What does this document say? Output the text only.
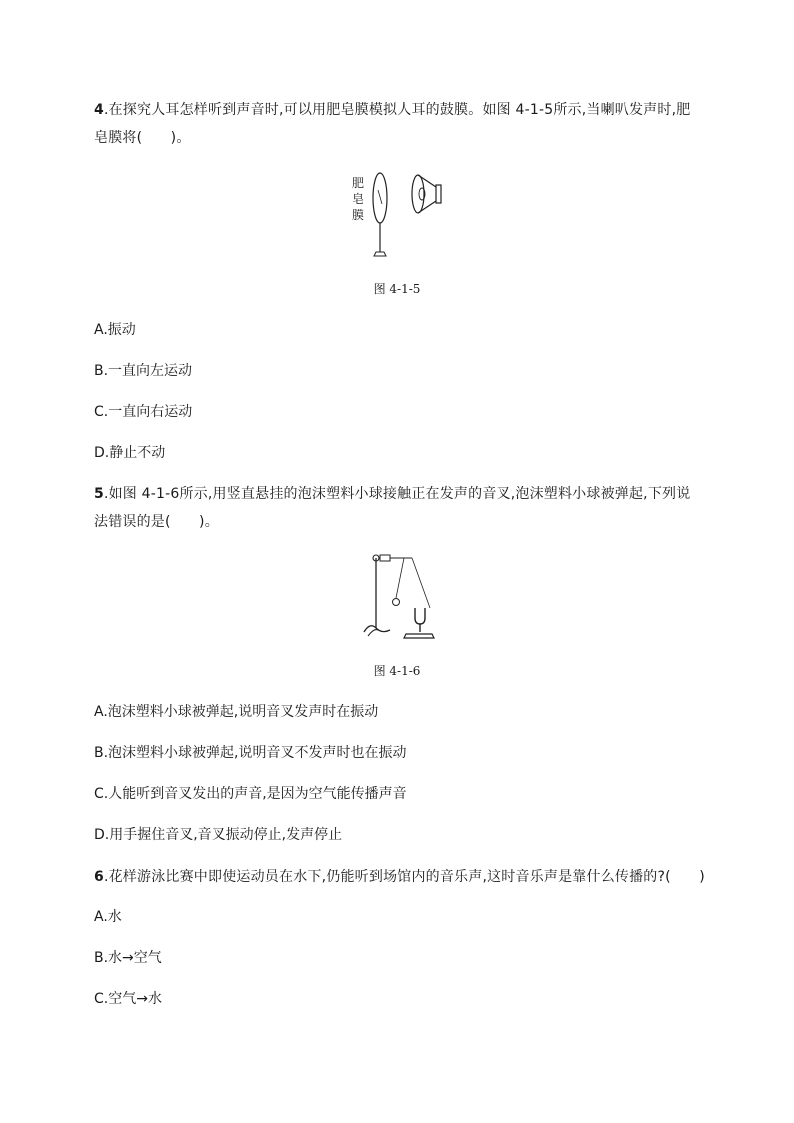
4.在探究人耳怎样听到声音时,可以用肥皂膜模拟人耳的鼓膜。如图 4-1-5所示,当喇叭发声时,肥皂膜将(　　)。
肥
皂
膜
图 4-1-5
A.振动
B.一直向左运动
C.一直向右运动
D.静止不动
5.如图 4-1-6所示,用竖直悬挂的泡沫塑料小球接触正在发声的音叉,泡沫塑料小球被弹起,下列说法错误的是(　　)。
图 4-1-6
A.泡沫塑料小球被弹起,说明音叉发声时在振动
B.泡沫塑料小球被弹起,说明音叉不发声时也在振动
C.人能听到音叉发出的声音,是因为空气能传播声音
D.用手握住音叉,音叉振动停止,发声停止
6.花样游泳比赛中即使运动员在水下,仍能听到场馆内的音乐声,这时音乐声是靠什么传播的?(　　)
A.水
B.水→空气
C.空气→水
